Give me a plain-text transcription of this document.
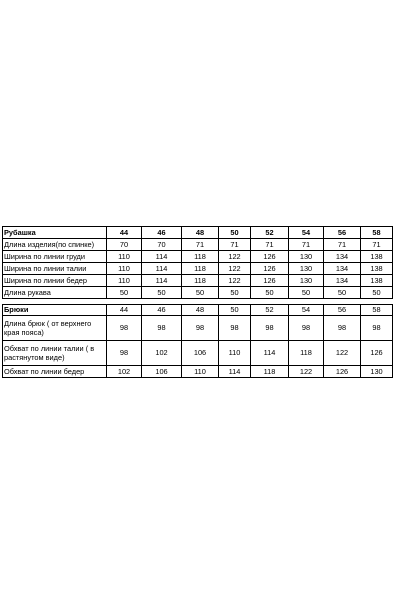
Рубашка	44	46	48	50	52	54	56	58
Длина изделия(по спинке)	70	70	71	71	71	71	71	71
Ширина по линии груди	110	114	118	122	126	130	134	138
Ширина по линии талии	110	114	118	122	126	130	134	138
Ширина по линии бедер	110	114	118	122	126	130	134	138
Длина рукава	50	50	50	50	50	50	50	50
Брюки	44	46	48	50	52	54	56	58
Длина брюк ( от верхнего края пояса)	98	98	98	98	98	98	98	98
Обхват по линии талии ( в растянутом виде)	98	102	106	110	114	118	122	126
Обхват по линии бедер	102	106	110	114	118	122	126	130
